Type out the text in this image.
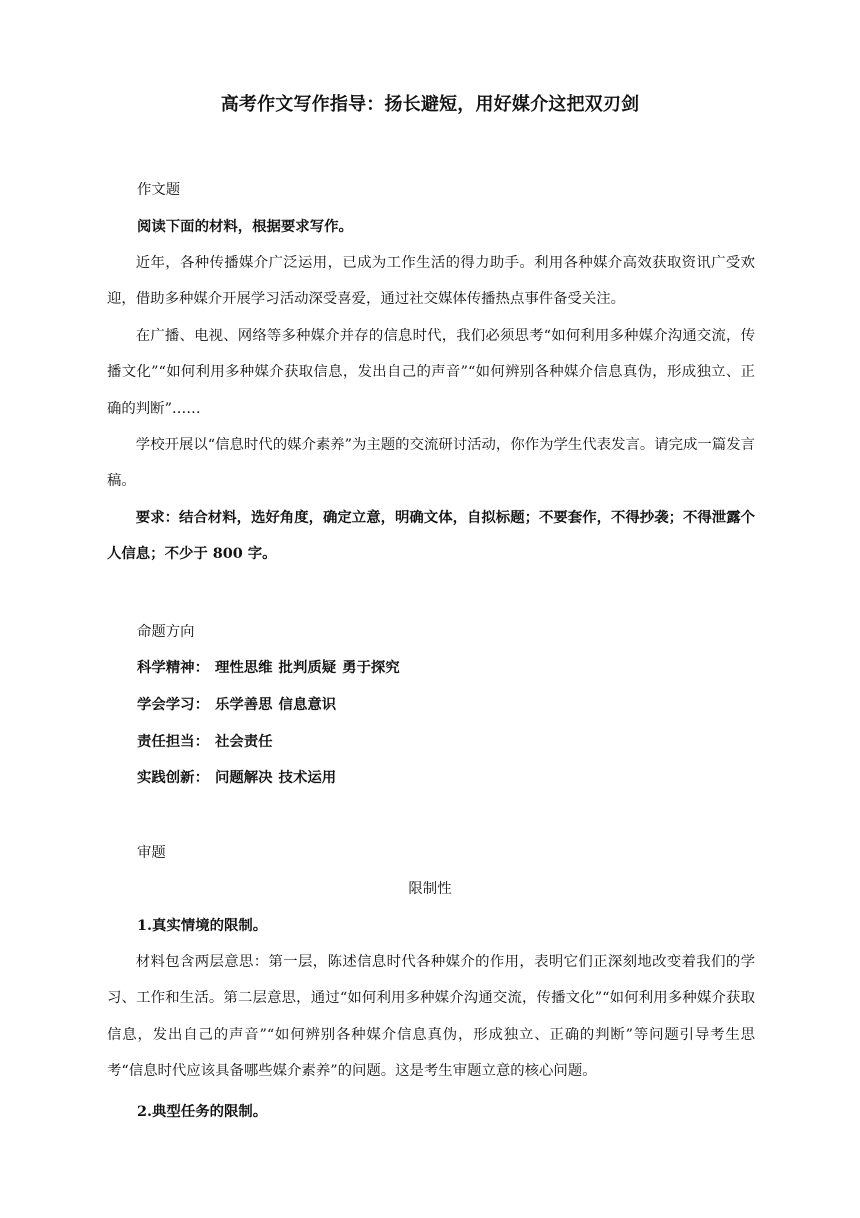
高考作文写作指导：扬长避短，用好媒介这把双刃剑
作文题
阅读下面的材料，根据要求写作。

近年，各种传播媒介广泛运用，已成为工作生活的得力助手。利用各种媒介高效获取资讯广受欢迎，借助多种媒介开展学习活动深受喜爱，通过社交媒体传播热点事件备受关注。

在广播、电视、网络等多种媒介并存的信息时代，我们必须思考“如何利用多种媒介沟通交流，传播文化”“如何利用多种媒介获取信息，发出自己的声音”“如何辨别各种媒介信息真伪，形成独立、正确的判断”……

学校开展以“信息时代的媒介素养”为主题的交流研讨活动，你作为学生代表发言。请完成一篇发言稿。

要求：结合材料，选好角度，确定立意，明确文体，自拟标题；不要套作，不得抄袭；不得泄露个人信息；不少于 800 字。

命题方向
科学精神： 理性思维 批判质疑 勇于探究
学会学习： 乐学善思 信息意识
责任担当： 社会责任
实践创新： 问题解决 技术运用
审题
限制性
1.真实情境的限制。

材料包含两层意思：第一层，陈述信息时代各种媒介的作用，表明它们正深刻地改变着我们的学习、工作和生活。第二层意思，通过“如何利用多种媒介沟通交流，传播文化”“如何利用多种媒介获取信息，发出自己的声音”“如何辨别各种媒介信息真伪，形成独立、正确的判断”等问题引导考生思考“信息时代应该具备哪些媒介素养”的问题。这是考生审题立意的核心问题。

2.典型任务的限制。
